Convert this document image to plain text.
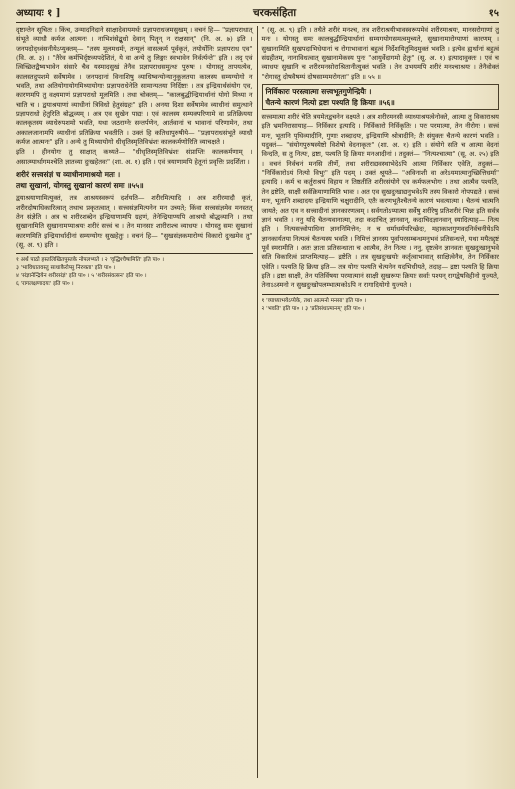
अध्यायः १ ]	चरकसंहिता	१५

दृष्टान्तेन सूचितः । किंच, उन्मादनिदाने साक्षादेवायमर्थः प्रज्ञापराधजमसुखम् । वचनं हि— "प्रज्ञापराधात् संभूते व्याधौ कर्मज आत्मनः । नाभिशंसेद्बुधो देवान् पितॄन् न राक्षसान्" (नि. अ. ७) इति । जनपदोद्ध्वंसनीयेऽप्युक्तम्— "तस्य मूलमधर्मः, तन्मूलं वासत्कर्म पूर्वकृतं, तयोर्योनिः प्रज्ञापराध एव" (वि. अ. ३) । "तैरेव कर्मभिर्दृष्टव्यपदेशितं, ये वा अन्ये तु लिङ्गाः स्वभावेन निर्वर्त्यन्ते" इति । तद् एवं त्विच्छितद्वैष्यभावेन संसारे चैव यस्मादसुखं तेनैव प्रज्ञापराधसमुत्थः पुरुषः । योगास्तु तापयत्येव, कालस्तदुपशमे सर्वेषामेव । जनपदानां विनाशिषु व्याधिष्वन्योन्यानुकूलतया कालस्य सम्यग्योगो न भवति, तथा अतियोगायोगमिथ्यायोगाः प्रज्ञापराधेनेति सामान्यतया निर्दिष्टाः । तत्र इन्द्रियार्थसंयोग एव, कारणमपि तु वक्ष्यमाणं प्रज्ञापराधो मूलमिति । तथा चोक्तम्— "कालबुद्धीन्द्रियार्थानां योगो मिथ्या न चाति च । द्वयाश्रयाणां व्याधीनां त्रिविधो हेतुसंग्रहः" इति । अनया दिशा सर्वेषामेव व्याधीनां समुत्थाने प्रज्ञापराधो हेतुरिति बोद्धव्यम् । अत्र एव सुखेन पाद्यः । एवं कालस्य सम्यक्परिणामे वा प्रतिक्रियया कालकृतस्य व्याधेरुपशमो भवति, यथा जठराग्नेः सन्तर्पणेन, आर्तवानां च भावानां परिणामेन, तथा अकालजानामपि व्याधीनां प्रतिक्रिया भवतीति । उक्तं हि कतिधापुरुषीये— "प्रज्ञापराधसंभूते व्याधौ कर्मज आत्मनः" इति । अन्ये तु मिथ्यायोगो धीधृतिस्मृतिविभ्रंशः कालकर्मणोरिति व्याचक्षते ।

इति । हीनयोगः तु साक्षात् कथ्यते— "धीधृतिस्मृतिविभ्रंशः संप्राप्तिः कालकर्मणाम् । असात्म्यार्थागमश्चेति ज्ञातव्या दुःखहेतवः" (शा. अ. १) इति । एवं त्रयाणामपि हेतूनां प्रवृत्तिः प्रदर्शिता ।

शरीरं सत्त्वसंज्ञं च व्याधीनामाश्रयो मतः ।
तथा सुखानां, योगस्तु सुखानां कारणं समः ॥५५॥

द्वयाश्रयाणामित्युक्तं, तत्र आश्रयस्वरूपं दर्शयति— शरीरमित्यादि । अत्र शरीरमादौ कृतं, शरीरदोषाधिकारित्वात् तथाच प्रकृतत्वात् । सत्त्वसंज्ञमित्यनेन मन उच्यते; किंवा सत्त्वसंज्ञमेव मनस्तत् तेन संज्ञेति । अत्र च शरीरशब्देन इन्द्रियाणामपि ग्रहणं, तेनेन्द्रियाण्यपि आश्रयो बोद्धव्यानि । तथा सुखानामिति सुखानामप्याश्रयः शरीरं सत्त्वं च । तेन मानसाः शारीराश्च व्याधयः । योगस्तु समः सुखानां कारणमिति इन्द्रियार्थादीनां सम्यग्योगः सुखहेतुः । वचनं हि— "सुखसंज्ञकमारोग्यं विकारो दुःखमेव तु" (सू. अ. ९) इति ।

१ अर्थ पाठो हस्तलिखितपुस्तके नोपलभ्यते । २ 'वृद्धिश्चैषामिति' इति पा० ।

३ 'भाविधातवस्तु साधाकैरोप्सु निरुक्ता' इति पा० ।

४ 'संज्ञानेन्द्रियेन शरीरसंज्ञं' इति पा० । ५ 'शरीरसंवत्सन' इति पा० ।

६ 'रागलक्षणादयः' इति पा० ।

" (सू. अ. ९) इति । तथैते शरीरं मनश्च, तत्र शरीराश्रयीभावस्वरूपमेवं शरीरमाश्रयः, मानसरोगाणां तु मनः । योगस्तु समः कालबुद्धीन्द्रियार्थानां सम्यगयोगसमत्वमुच्यते, सुखानामारोग्याणां कारणम् । सुखानामिति सुखपदाभिधेयानां च रोगाभावानां बहुत्वं निर्देशयितुमिदमुक्तं भवति । इत्येव ह्यर्थानां बहुत्वं संग्रहीतम्, नानाविधत्वात् सुखानामेकस्य पुनः "आयुर्वेदागमो हेतुः" (सू. अ. १) इत्यादावुक्तः । एवं च व्याधयः सुखानि च शरीरमनसोराश्रितानीत्युक्तं भवति । तेन उभयमपि शरीरं मनश्चाश्रयः । तेनैवोक्तं "रोगास्तु दोषवैषम्यं दोषसाम्यमरोगता" इति ॥ ५५ ॥

निर्विकारः परस्त्वात्मा सत्त्वभूतगुणेन्द्रियैः ।
चैतन्ये कारणं नित्यो द्रष्टा पश्यति हि क्रियाः ॥५६॥

सत्त्वमात्मा शरीरं चेति त्रयमेतद्वचनेन वक्ष्यते । अत्र शरीरमनसी व्याध्याश्रयत्वेनोक्ते, आत्मा तु विकाराश्रय इति भ्रमनिरासायाह— निर्विकार इत्यादि । निर्विकारो निर्विकृतिः । परः परमात्मा, तेन नीरोगः । सत्त्वं मनः, भूतानि पृथिव्यादीनि, गुणाः शब्दादयः, इन्द्रियाणि श्रोत्रादीनि; तैः संयुक्तः चैतन्ये कारणं भवति । यदुक्तं— "संयोगपुरुषस्येष्टो विशेषो वेदनाकृतः" (शा. अ. १) इति । संयोगे सति च आत्मा वेदनां विन्दति, स तु नित्यः, द्रष्टा, पश्यति हि क्रियाः मनआदीनां । तदुक्तं— "नित्यश्चात्मा" (सू. अ. २५) इति । वचनं निर्वचनं मनसि तीर्णे, तथा शरीराद्यवस्थाभेदेऽपि आत्मा निर्विकार एवेति, तदुक्तं— "निर्विकारोऽयं नित्यो विभुः" इति पदम् । उक्तं श्रूयते— "अविनाशी वा अरेऽयमात्मानुच्छित्तिधर्मा" इत्यादि । कर्म च कर्तुराश्रयं विहाय न तिष्ठतीति शरीरसंयोगे एव कर्मफलभोगः । तथा आत्मैव पश्यति, तेन द्रष्टेति, साक्षी सर्वक्रियाणामिति भावः । अत एव सुखदुःखाद्यनुभवेऽपि तस्य विकारो नोपपद्यते । सत्त्वं मनः, भूतानि शब्दादयः इन्द्रियाणि चक्षुरादीनि, एतैः करणभूतैश्चैतन्ये कारणं भवत्यात्मा । चैतन्यं चात्मनि जायते; अत एव न सत्त्वादीनां ज्ञानकारणत्वम् । सर्वगतोऽप्यात्मा सर्वेषु शरीरेषु प्रतिशरीरं भिन्नः इति सर्वत्र ज्ञानं भवति । ननु यदि चैतन्यवानात्मा, तदा कदाचित् ज्ञानवान्, कदाचिदज्ञानवान् स्यादित्याह— नित्य इति । नित्यसत्त्वोपाधिना ज्ञाननिमित्तेन; न च धर्माधर्मपरिच्छेदः, महाकाशगुणवदनिर्वचनीयेऽपि ज्ञानकार्यतया नित्यत्वं चैतन्यस्य भवति । निमित्तं ज्ञानस्य पूर्वापरसम्बन्धमनुभवं प्रतिसन्धत्ते, यथा मयैतद्दृष्टं पूर्वं स्मरामीति । अतः ज्ञाता प्रतिसन्धाता च आत्मैव, तेन नित्यः । ननु, दृष्टत्वेन ज्ञानवतः सुखदुःखानुभवे सति विकारित्वं प्राप्तमित्याह— द्रष्टेति । तत्र सुखदुःखयोः कर्तृत्वाभावात् साक्षित्वेनैव, तेन निर्विकार एवेति । पश्यति हि क्रिया इति— तत्र योगः पश्यति चेत्यनेन यदभिधीयते, तदाह— द्रष्टा पश्यति हि क्रिया इति । द्रष्टा साक्षी, तेन यतिर्विषया परमात्मानं साक्षी सुखरूपः क्रियाः सर्वाः पश्यन् रागद्वेषविहीनो युज्यते, तेनाऽऽस्मनो न सुखदुःखोपलम्भात्मकोऽपि न रागादियोगो युज्यते ।

१ 'व्याध्याभयेऽप्येके, तथा आत्मनो मनसा' इति पा० ।

२ 'भवति' इति पा० । ३ 'प्रतिसंधात्मानम्' इति पा० ।
